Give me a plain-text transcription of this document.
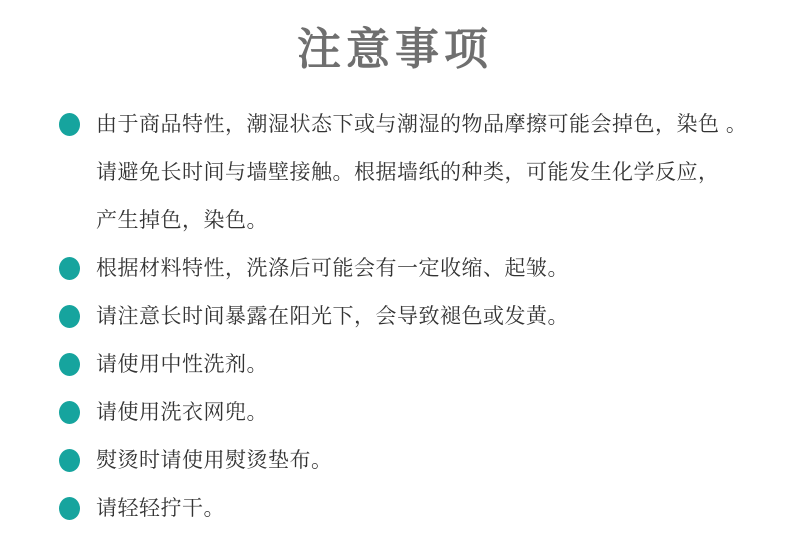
注意事项
由于商品特性，潮湿状态下或与潮湿的物品摩擦可能会掉色，染色 。
请避免长时间与墙壁接触。根据墙纸的种类，可能发生化学反应，
产生掉色，染色。
根据材料特性，洗涤后可能会有一定收缩、起皱。
请注意长时间暴露在阳光下，会导致褪色或发黄。
请使用中性洗剂。
请使用洗衣网兜。
熨烫时请使用熨烫垫布。
请轻轻拧干。
